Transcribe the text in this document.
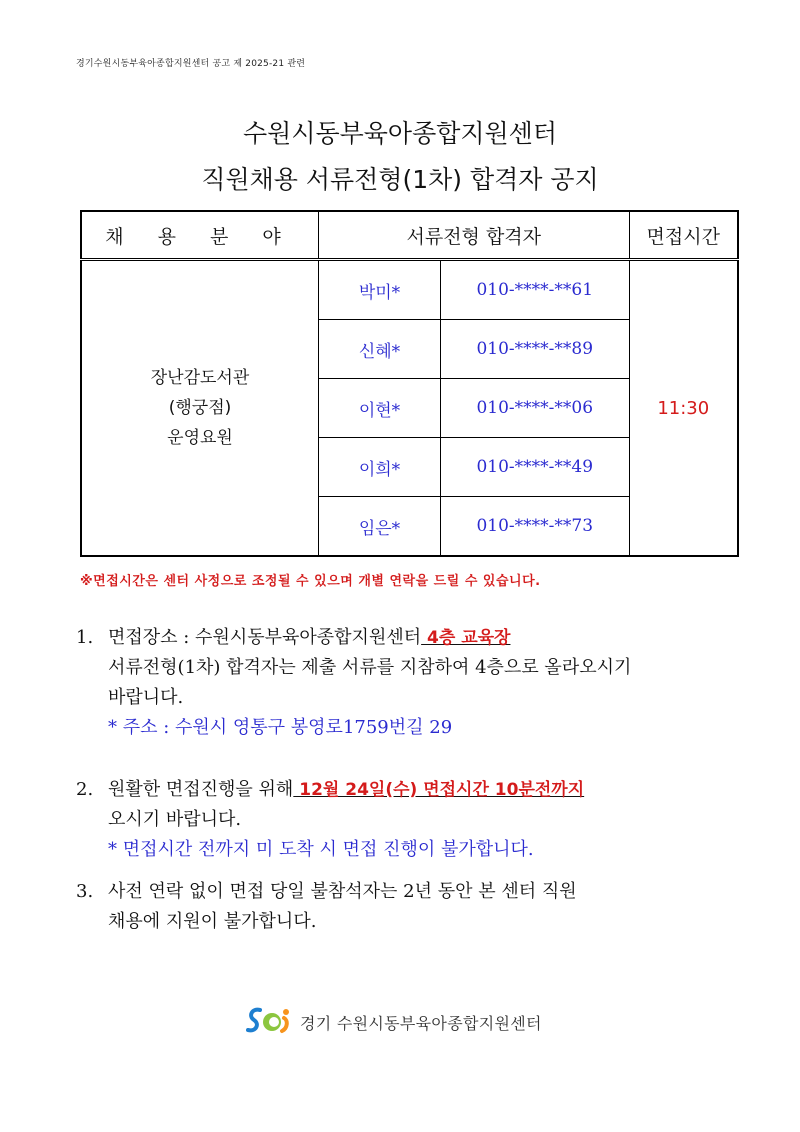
경기수원시동부육아종합지원센터 공고 제 2025-21 관련
수원시동부육아종합지원센터
직원채용 서류전형(1차) 합격자 공지
채 용 분 야	서류전형 합격자		면접시간

장난감도서관
(행궁점)
운영요원	박미*	010-****-**61	11:30
	신혜*	010-****-**89	
	이현*	010-****-**06	
	이희*	010-****-**49	
	임은*	010-****-**73	
※면접시간은 센터 사정으로 조정될 수 있으며 개별 연락을 드릴 수 있습니다.
1. 면접장소 : 수원시동부육아종합지원센터 4층 교육장
서류전형(1차) 합격자는 제출 서류를 지참하여 4층으로 올라오시기
바랍니다.
* 주소 : 수원시 영통구 봉영로1759번길 29
2. 원활한 면접진행을 위해 12월 24일(수) 면접시간 10분전까지
오시기 바랍니다.
* 면접시간 전까지 미 도착 시 면접 진행이 불가합니다.
3. 사전 연락 없이 면접 당일 불참석자는 2년 동안 본 센터 직원
채용에 지원이 불가합니다.
경기 수원시동부육아종합지원센터
